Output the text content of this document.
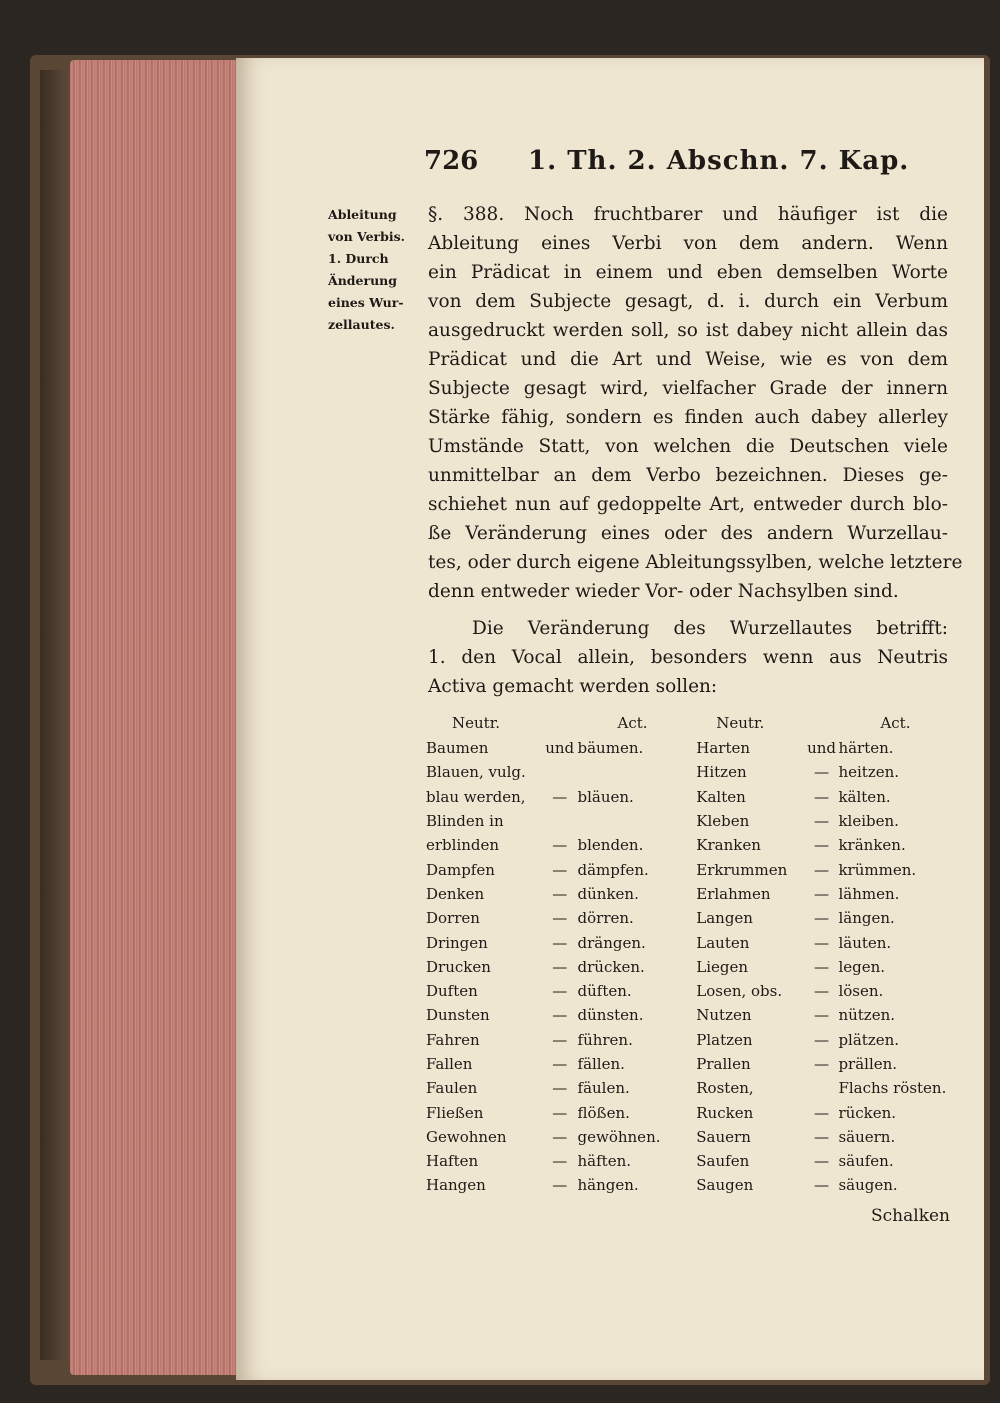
726 1. Th. 2. Abschn. 7. Kap.
Ableitung
von Verbis.
1. Durch
Änderung
eines Wur-
zellautes.
§. 388. Noch fruchtbarer und häufiger ist die
Ableitung eines Verbi von dem andern. Wenn
ein Prädicat in einem und eben demselben Worte
von dem Subjecte gesagt, d. i. durch ein Verbum
ausgedruckt werden soll, so ist dabey nicht allein das
Prädicat und die Art und Weise, wie es von dem
Subjecte gesagt wird, vielfacher Grade der innern
Stärke fähig, sondern es finden auch dabey allerley
Umstände Statt, von welchen die Deutschen viele
unmittelbar an dem Verbo bezeichnen. Dieses ge-
schiehet nun auf gedoppelte Art, entweder durch blo-
ße Veränderung eines oder des andern Wurzellau-
tes, oder durch eigene Ableitungssylben, welche letztere
denn entweder wieder Vor- oder Nachsylben sind.
Die Veränderung des Wurzellautes betrifft:
1. den Vocal allein, besonders wenn aus Neutris
Activa gemacht werden sollen:
Neutr.		Act.	Neutr.		Act.
Baumen	und	bäumen.	Harten	und	härten.
Blauen, vulg.			Hitzen	—	heitzen.
blau werden,	—	bläuen.	Kalten	—	kälten.
Blinden in			Kleben	—	kleiben.
erblinden	—	blenden.	Kranken	—	kränken.
Dampfen	—	dämpfen.	Erkrummen	—	krümmen.
Denken	—	dünken.	Erlahmen	—	lähmen.
Dorren	—	dörren.	Langen	—	längen.
Dringen	—	drängen.	Lauten	—	läuten.
Drucken	—	drücken.	Liegen	—	legen.
Duften	—	düften.	Losen, obs.	—	lösen.
Dunsten	—	dünsten.	Nutzen	—	nützen.
Fahren	—	führen.	Platzen	—	plätzen.
Fallen	—	fällen.	Prallen	—	prällen.
Faulen	—	fäulen.	Rosten,		Flachs rösten.
Fließen	—	flößen.	Rucken	—	rücken.
Gewohnen	—	gewöhnen.	Sauern	—	säuern.
Haften	—	häften.	Saufen	—	säufen.
Hangen	—	hängen.	Saugen	—	säugen.
Schalken
